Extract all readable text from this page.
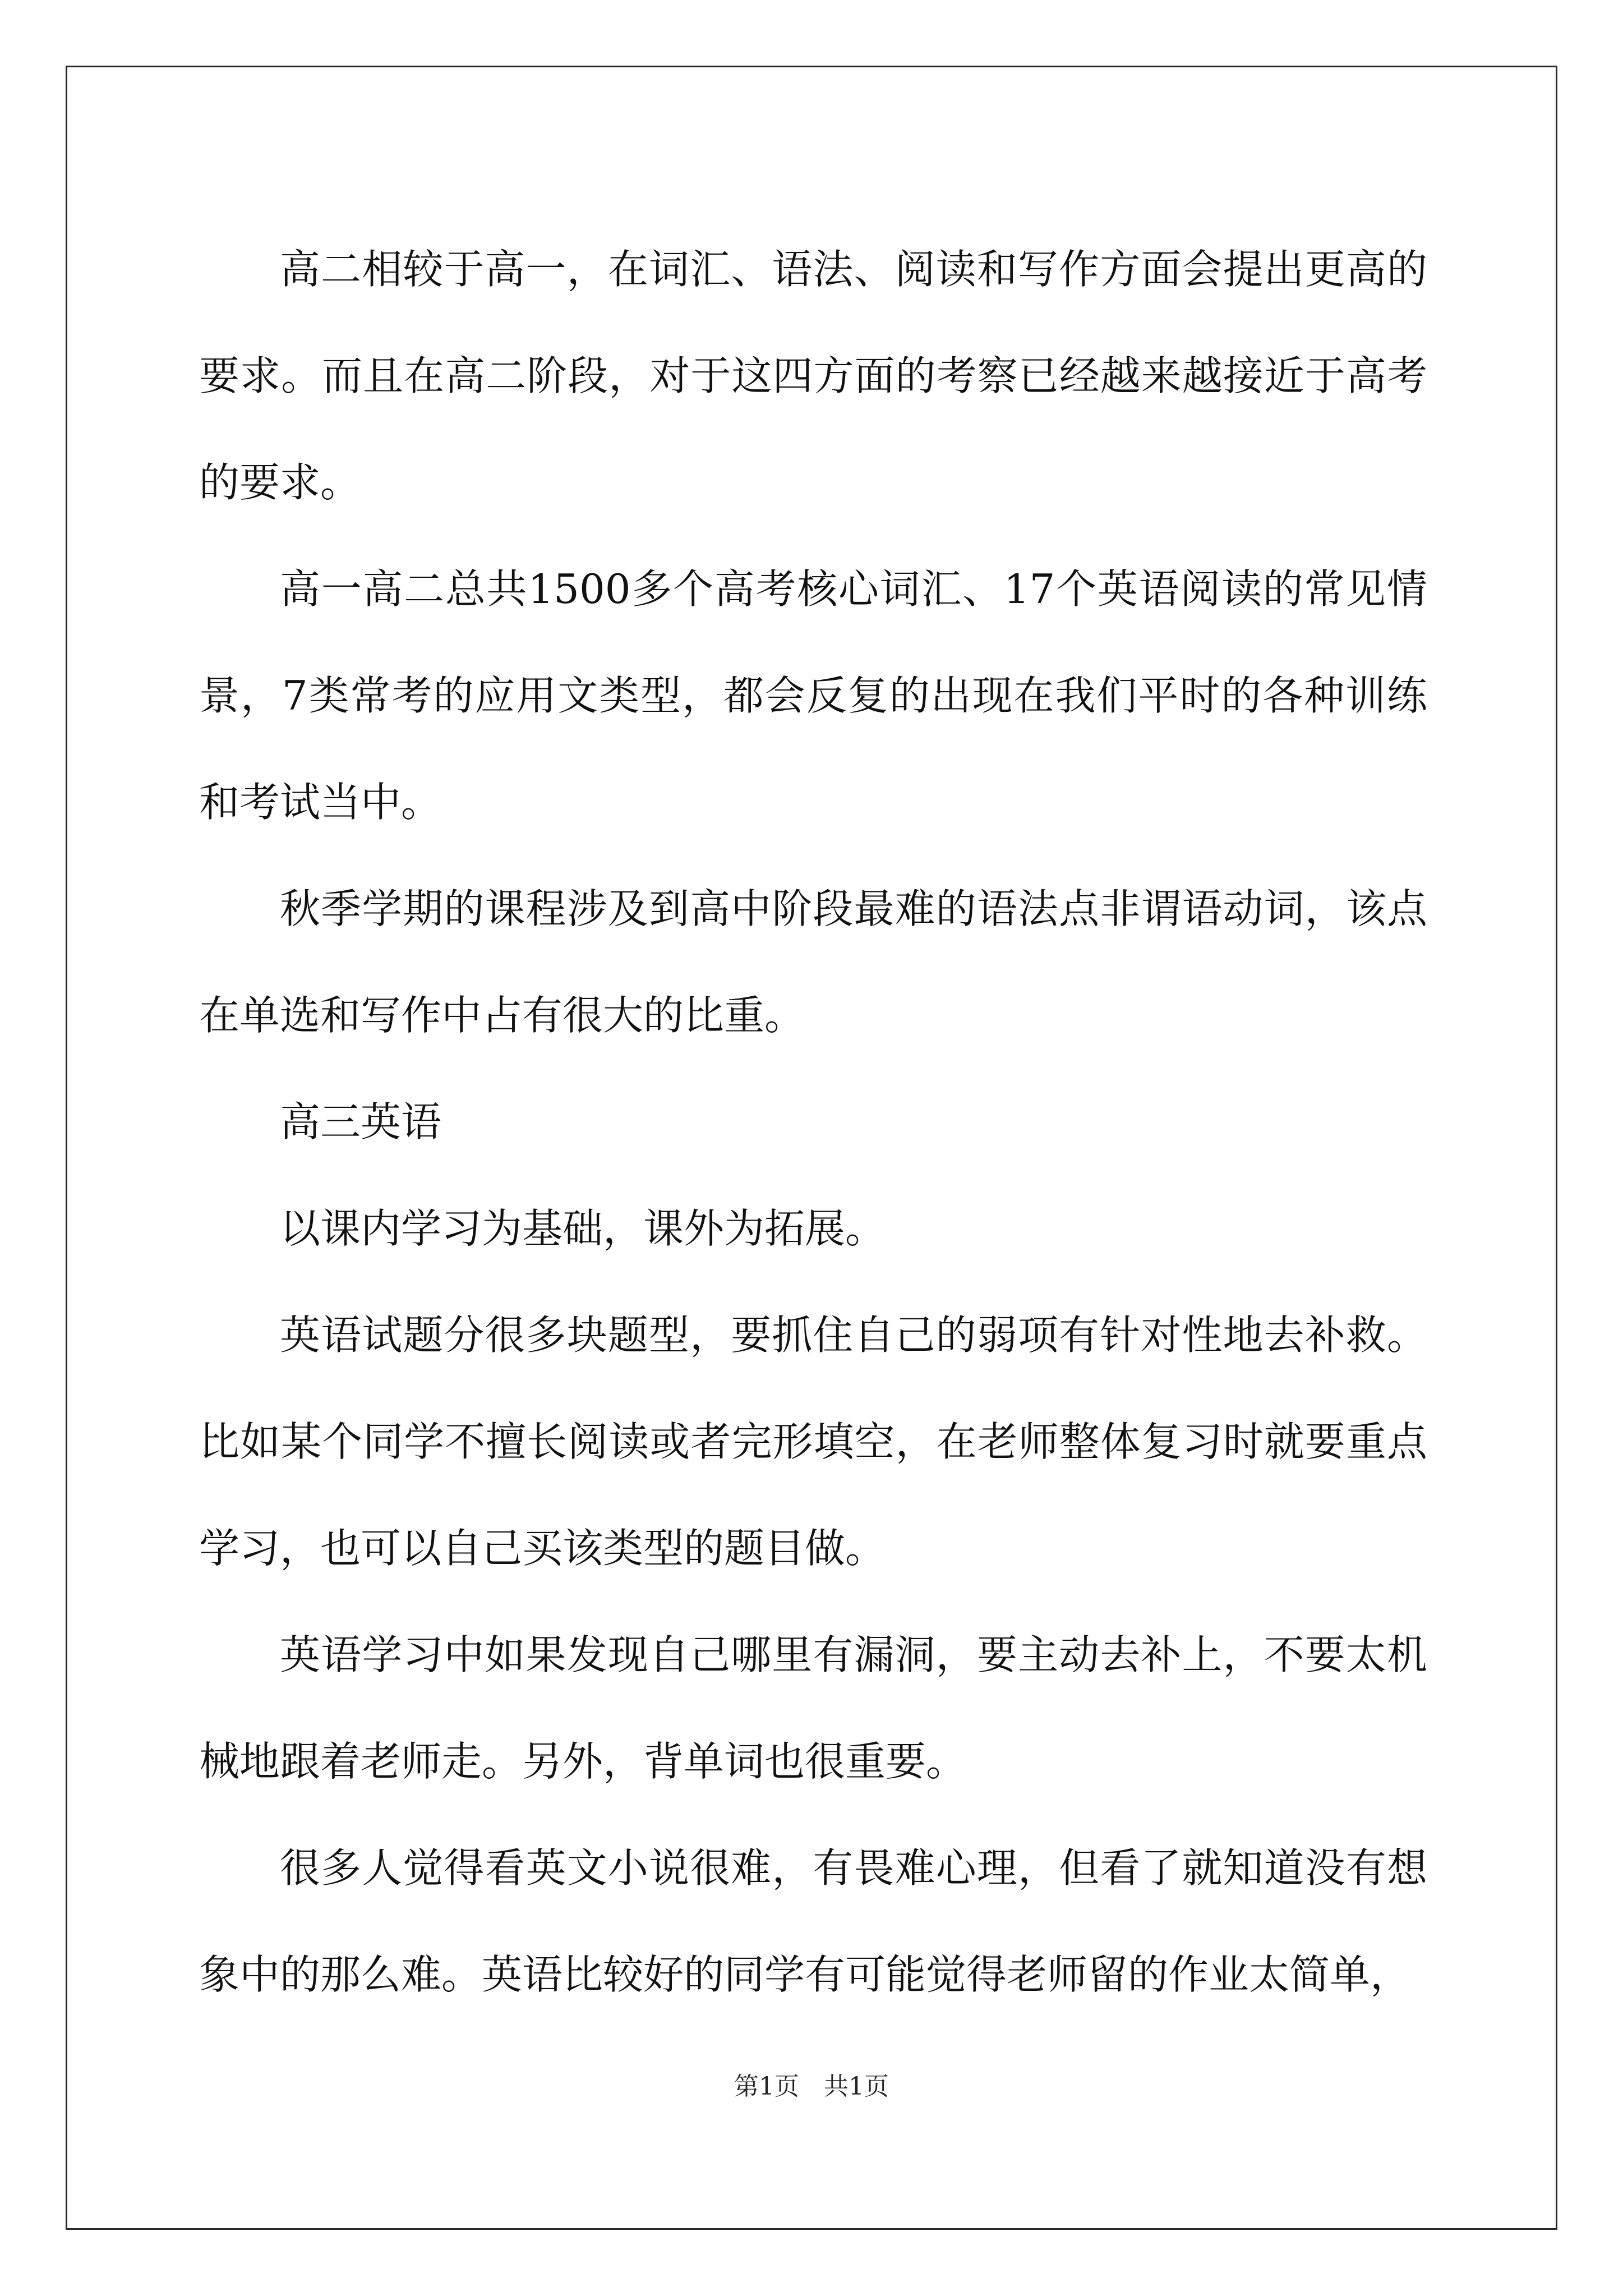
高二相较于高一，在词汇、语法、阅读和写作方面会提出更高的要求。而且在高二阶段，对于这四方面的考察已经越来越接近于高考的要求。

高一高二总共1500多个高考核心词汇、17个英语阅读的常见情景，7类常考的应用文类型，都会反复的出现在我们平时的各种训练和考试当中。

秋季学期的课程涉及到高中阶段最难的语法点非谓语动词，该点在单选和写作中占有很大的比重。

高三英语

以课内学习为基础，课外为拓展。

英语试题分很多块题型，要抓住自己的弱项有针对性地去补救。比如某个同学不擅长阅读或者完形填空，在老师整体复习时就要重点学习，也可以自己买该类型的题目做。

英语学习中如果发现自己哪里有漏洞，要主动去补上，不要太机械地跟着老师走。另外，背单词也很重要。

很多人觉得看英文小说很难，有畏难心理，但看了就知道没有想象中的那么难。英语比较好的同学有可能觉得老师留的作业太简单，

第1页　共1页
